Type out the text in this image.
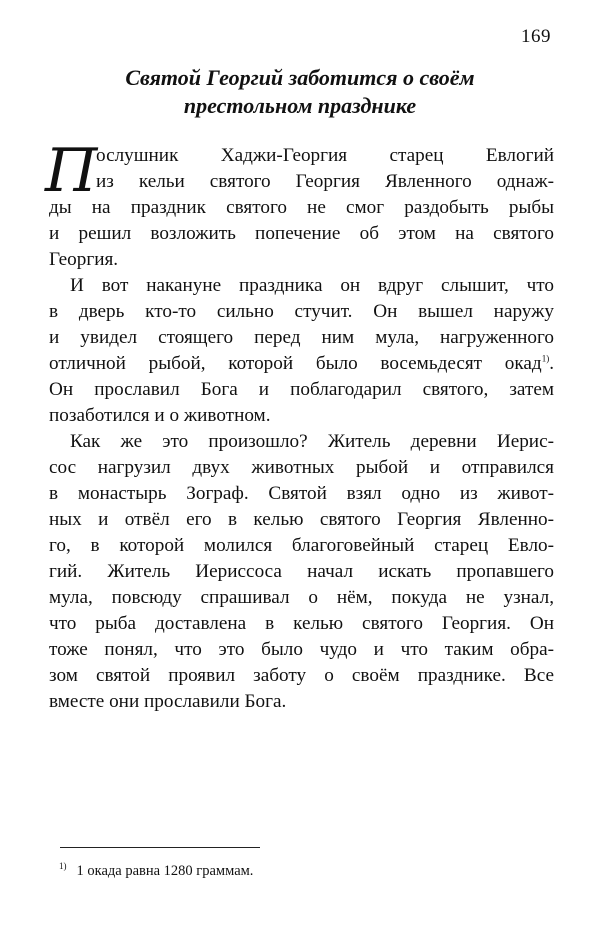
169
Святой Георгий заботится о своём
престольном празднике
П
ослушник Хаджи-Георгия старец Евлогий
из кельи святого Георгия Явленного однаж-
ды на праздник святого не смог раздобыть рыбы
и решил возложить попечение об этом на святого
Георгия.
И вот накануне праздника он вдруг слышит, что
в дверь кто-то сильно стучит. Он вышел наружу
и увидел стоящего перед ним мула, нагруженного
отличной рыбой, которой было восемьдесят окад$^{1)}$.
Он прославил Бога и поблагодарил святого, затем
позаботился и о животном.
Как же это произошло? Житель деревни Иерис-
сос нагрузил двух животных рыбой и отправился
в монастырь Зограф. Святой взял одно из живот-
ных и отвёл его в келью святого Георгия Явленно-
го, в которой молился благоговейный старец Евло-
гий. Житель Иериссоса начал искать пропавшего
мула, повсюду спрашивал о нём, покуда не узнал,
что рыба доставлена в келью святого Георгия. Он
тоже понял, что это было чудо и что таким обра-
зом святой проявил заботу о своём празднике. Все
вместе они прославили Бога.
$^{1)}$ 1 окада равна 1280 граммам.
